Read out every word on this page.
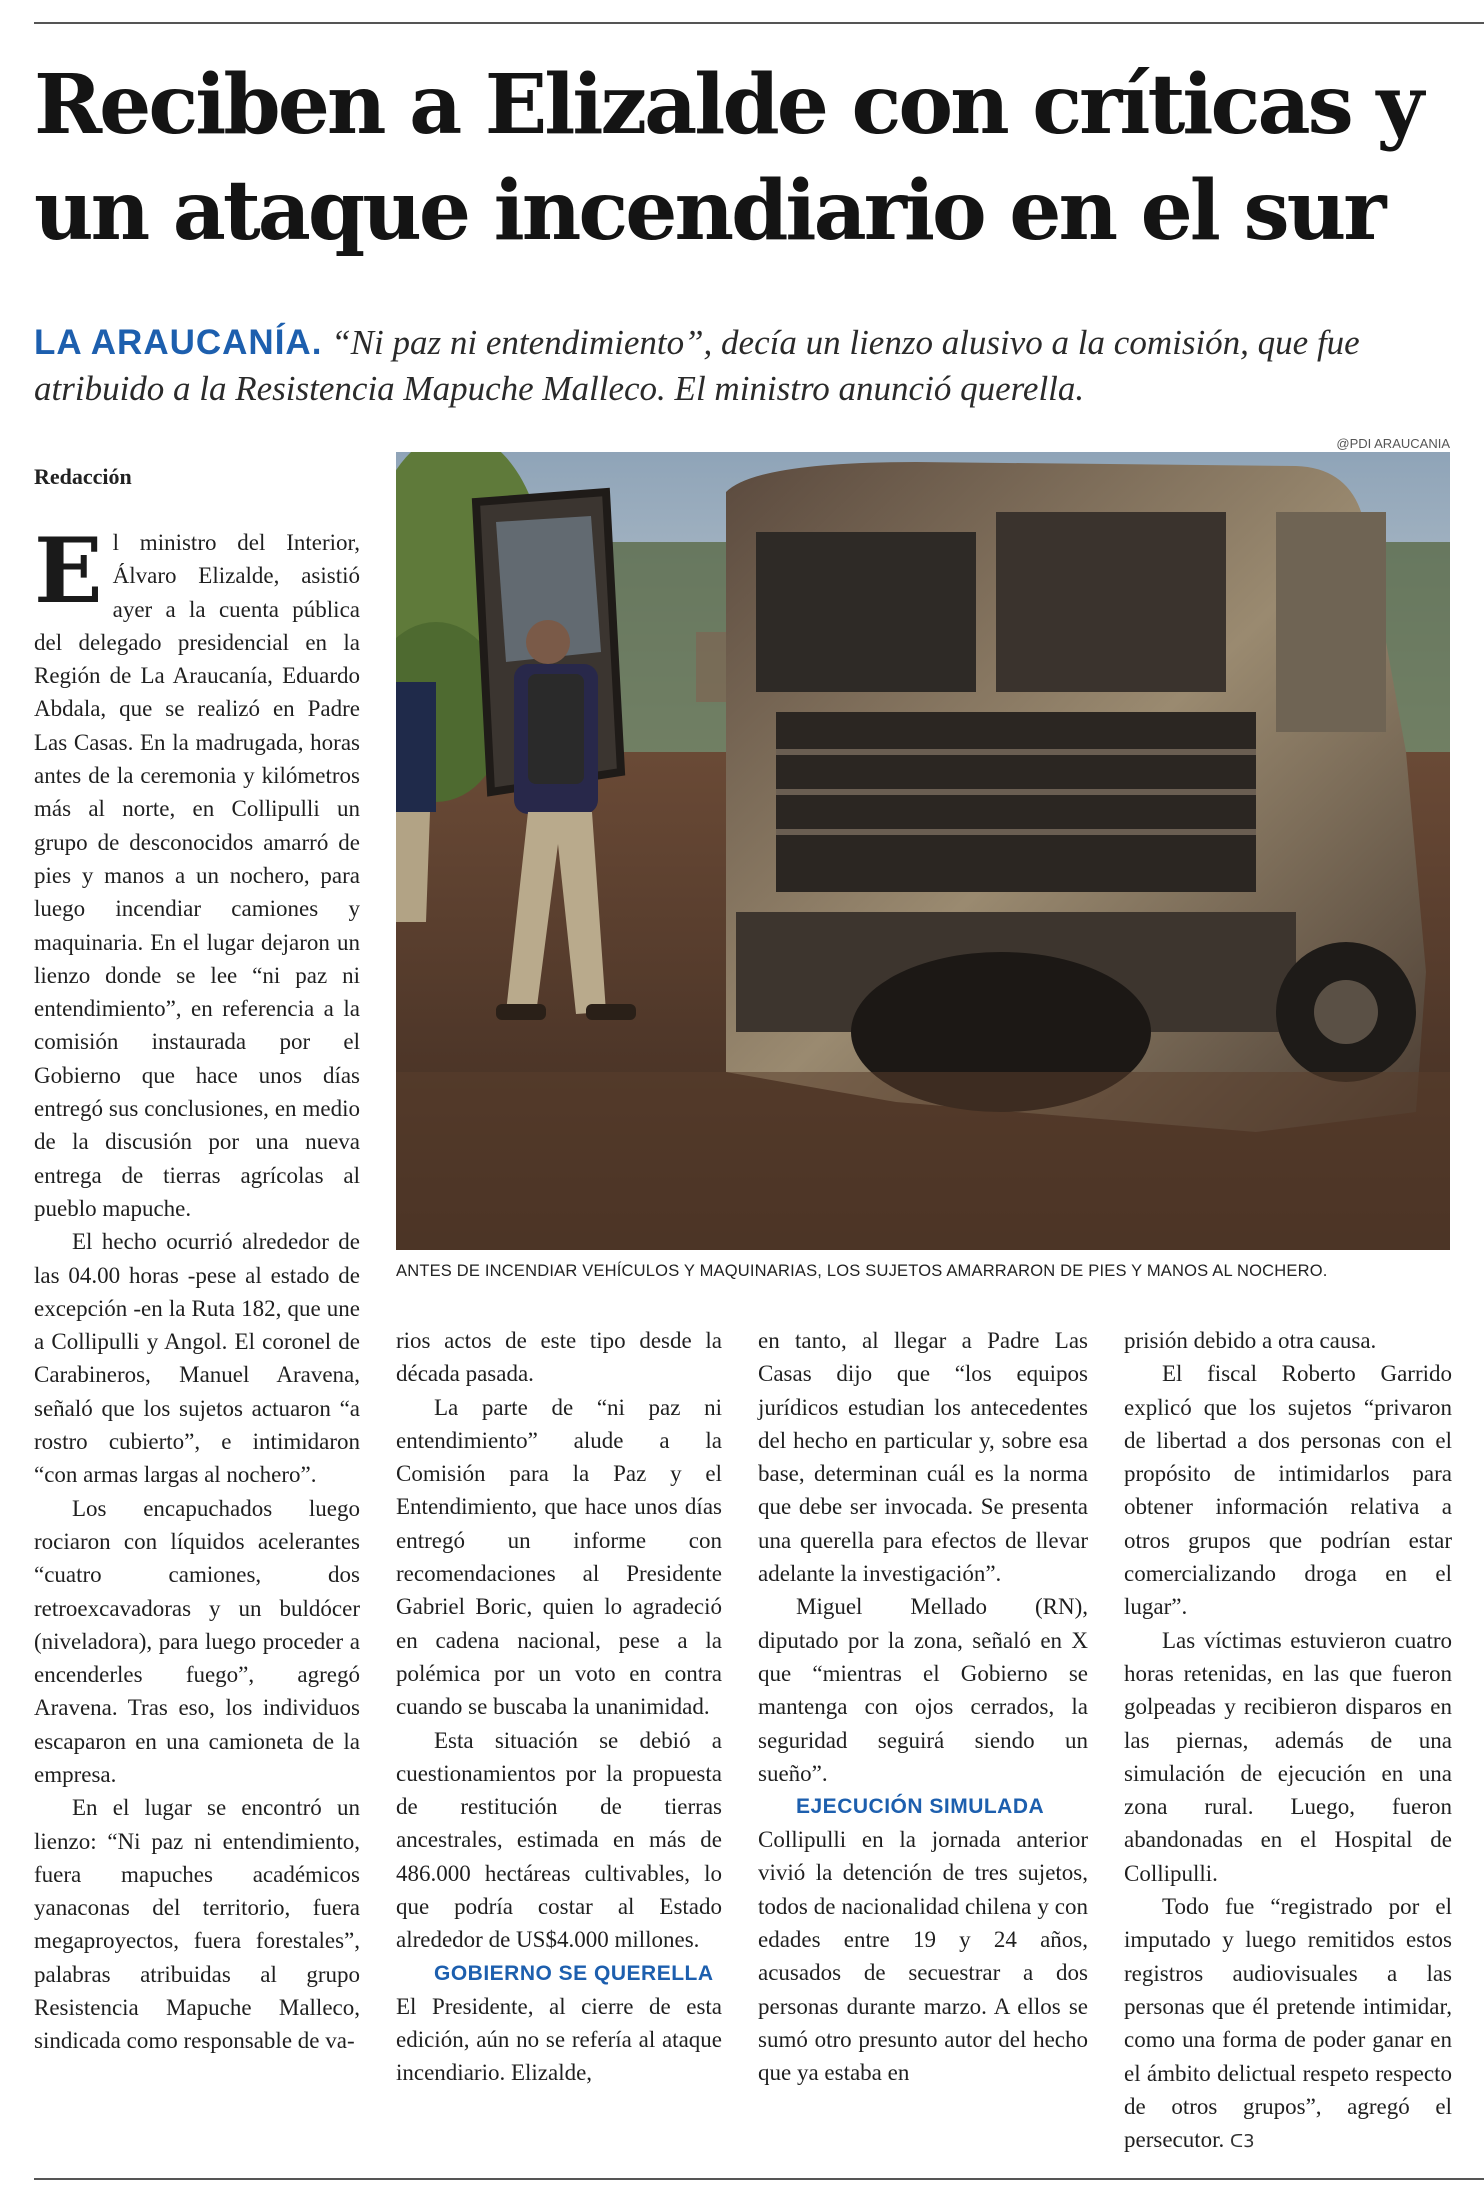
Reciben a Elizalde con críticas y un ataque incendiario en el sur
LA ARAUCANÍA. “Ni paz ni entendimiento”, decía un lienzo alusivo a la comisión, que fue atribuido a la Resistencia Mapuche Malleco. El ministro anunció querella.
Redacción
@PDI ARAUCANIA
ANTES DE INCENDIAR VEHÍCULOS Y MAQUINARIAS, LOS SUJETOS AMARRARON DE PIES Y MANOS AL NOCHERO.

El ministro del Interior, Álvaro Elizalde, asistió ayer a la cuenta pública del delegado presidencial en la Región de La Araucanía, Eduardo Abdala, que se realizó en Padre Las Casas. En la madrugada, horas antes de la ceremonia y kilómetros más al norte, en Collipulli un grupo de desconocidos amarró de pies y manos a un nochero, para luego incendiar camiones y maquinaria. En el lugar dejaron un lienzo donde se lee “ni paz ni entendimiento”, en referencia a la comisión instaurada por el Gobierno que hace unos días entregó sus conclusiones, en medio de la discusión por una nueva entrega de tierras agrícolas al pueblo mapuche.

El hecho ocurrió alrededor de las 04.00 horas -pese al estado de excepción -en la Ruta 182, que une a Collipulli y Angol. El coronel de Carabineros, Manuel Aravena, señaló que los sujetos actuaron “a rostro cubierto”, e intimidaron “con armas largas al nochero”.

Los encapuchados luego rociaron con líquidos acelerantes “cuatro camiones, dos retroexcavadoras y un buldócer (niveladora), para luego proceder a encenderles fuego”, agregó Aravena. Tras eso, los individuos escaparon en una camioneta de la empresa.

En el lugar se encontró un lienzo: “Ni paz ni entendimiento, fuera mapuches académicos yanaconas del territorio, fuera megaproyectos, fuera forestales”, palabras atribuidas al grupo Resistencia Mapuche Malleco, sindicada como responsable de va-

rios actos de este tipo desde la década pasada.

La parte de “ni paz ni entendimiento” alude a la Comisión para la Paz y el Entendimiento, que hace unos días entregó un informe con recomendaciones al Presidente Gabriel Boric, quien lo agradeció en cadena nacional, pese a la polémica por un voto en contra cuando se buscaba la unanimidad.

Esta situación se debió a cuestionamientos por la propuesta de restitución de tierras ancestrales, estimada en más de 486.000 hectáreas cultivables, lo que podría costar al Estado alrededor de US$4.000 millones.

GOBIERNO SE QUERELLA

El Presidente, al cierre de esta edición, aún no se refería al ataque incendiario. Elizalde,

en tanto, al llegar a Padre Las Casas dijo que “los equipos jurídicos estudian los antecedentes del hecho en particular y, sobre esa base, determinan cuál es la norma que debe ser invocada. Se presenta una querella para efectos de llevar adelante la investigación”.

Miguel Mellado (RN), diputado por la zona, señaló en X que “mientras el Gobierno se mantenga con ojos cerrados, la seguridad seguirá siendo un sueño”.

EJECUCIÓN SIMULADA

Collipulli en la jornada anterior vivió la detención de tres sujetos, todos de nacionalidad chilena y con edades entre 19 y 24 años, acusados de secuestrar a dos personas durante marzo. A ellos se sumó otro presunto autor del hecho que ya estaba en

prisión debido a otra causa.

El fiscal Roberto Garrido explicó que los sujetos “privaron de libertad a dos personas con el propósito de intimidarlos para obtener información relativa a otros grupos que podrían estar comercializando droga en el lugar”.

Las víctimas estuvieron cuatro horas retenidas, en las que fueron golpeadas y recibieron disparos en las piernas, además de una simulación de ejecución en una zona rural. Luego, fueron abandonadas en el Hospital de Collipulli.

Todo fue “registrado por el imputado y luego remitidos estos registros audiovisuales a las personas que él pretende intimidar, como una forma de poder ganar en el ámbito delictual respeto respecto de otros grupos”, agregó el persecutor. ᑕ3
